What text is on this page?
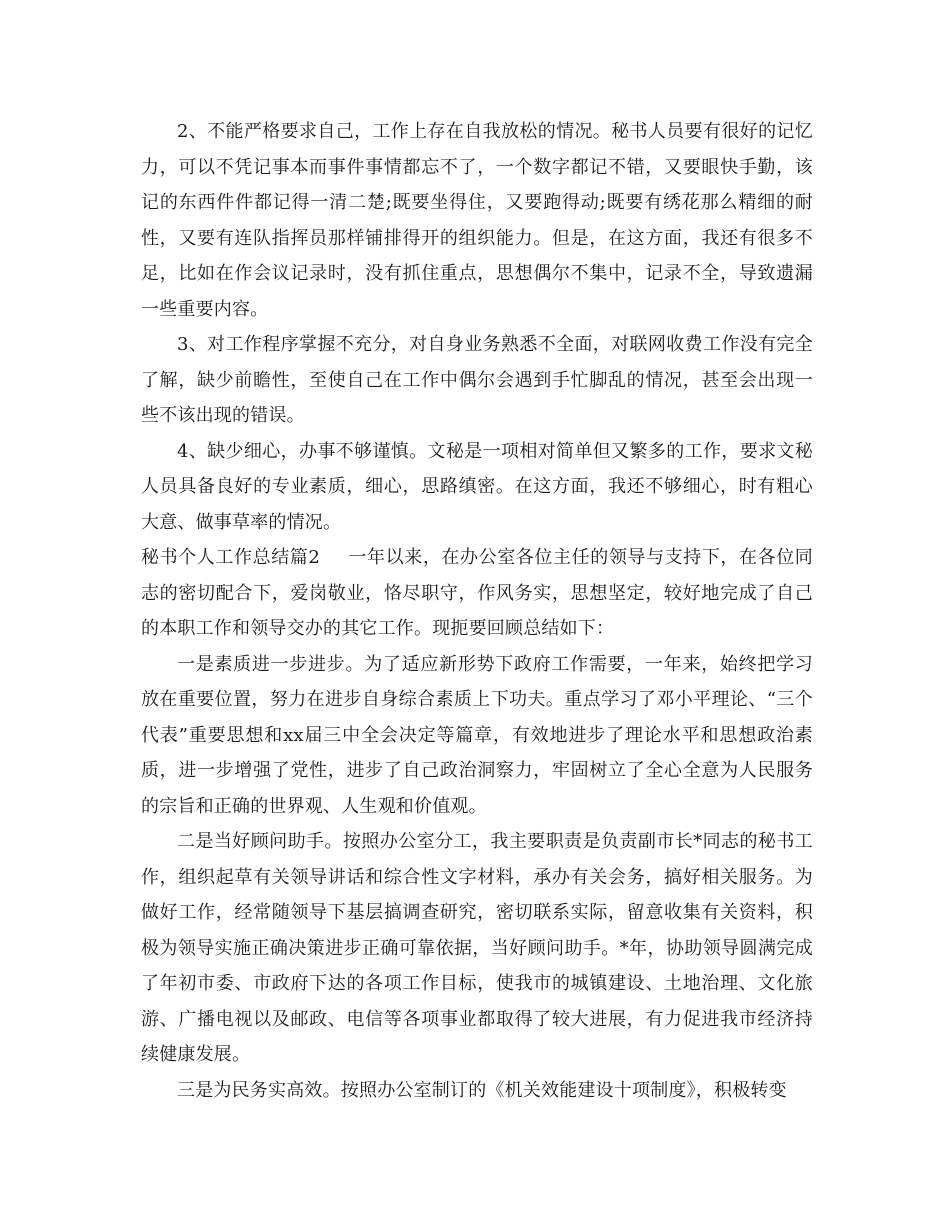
2、不能严格要求自己，工作上存在自我放松的情况。秘书人员要有很好的记忆力，可以不凭记事本而事件事情都忘不了，一个数字都记不错，又要眼快手勤，该记的东西件件都记得一清二楚;既要坐得住，又要跑得动;既要有绣花那么精细的耐性，又要有连队指挥员那样铺排得开的组织能力。但是，在这方面，我还有很多不足，比如在作会议记录时，没有抓住重点，思想偶尔不集中，记录不全，导致遗漏一些重要内容。

3、对工作程序掌握不充分，对自身业务熟悉不全面，对联网收费工作没有完全了解，缺少前瞻性，至使自己在工作中偶尔会遇到手忙脚乱的情况，甚至会出现一些不该出现的错误。

4、缺少细心，办事不够谨慎。文秘是一项相对简单但又繁多的工作，要求文秘人员具备良好的专业素质，细心，思路缜密。在这方面，我还不够细心，时有粗心大意、做事草率的情况。

秘书个人工作总结篇2 一年以来，在办公室各位主任的领导与支持下，在各位同志的密切配合下，爱岗敬业，恪尽职守，作风务实，思想坚定，较好地完成了自己的本职工作和领导交办的其它工作。现扼要回顾总结如下：

一是素质进一步进步。为了适应新形势下政府工作需要，一年来，始终把学习放在重要位置，努力在进步自身综合素质上下功夫。重点学习了邓小平理论、“三个代表”重要思想和xx届三中全会决定等篇章，有效地进步了理论水平和思想政治素质，进一步增强了党性，进步了自己政治洞察力，牢固树立了全心全意为人民服务的宗旨和正确的世界观、人生观和价值观。

二是当好顾问助手。按照办公室分工，我主要职责是负责副市长*同志的秘书工作，组织起草有关领导讲话和综合性文字材料，承办有关会务，搞好相关服务。为做好工作，经常随领导下基层搞调查研究，密切联系实际，留意收集有关资料，积极为领导实施正确决策进步正确可靠依据，当好顾问助手。*年，协助领导圆满完成了年初市委、市政府下达的各项工作目标，使我市的城镇建设、土地治理、文化旅游、广播电视以及邮政、电信等各项事业都取得了较大进展，有力促进我市经济持续健康发展。

三是为民务实高效。按照办公室制订的《机关效能建设十项制度》，积极转变
